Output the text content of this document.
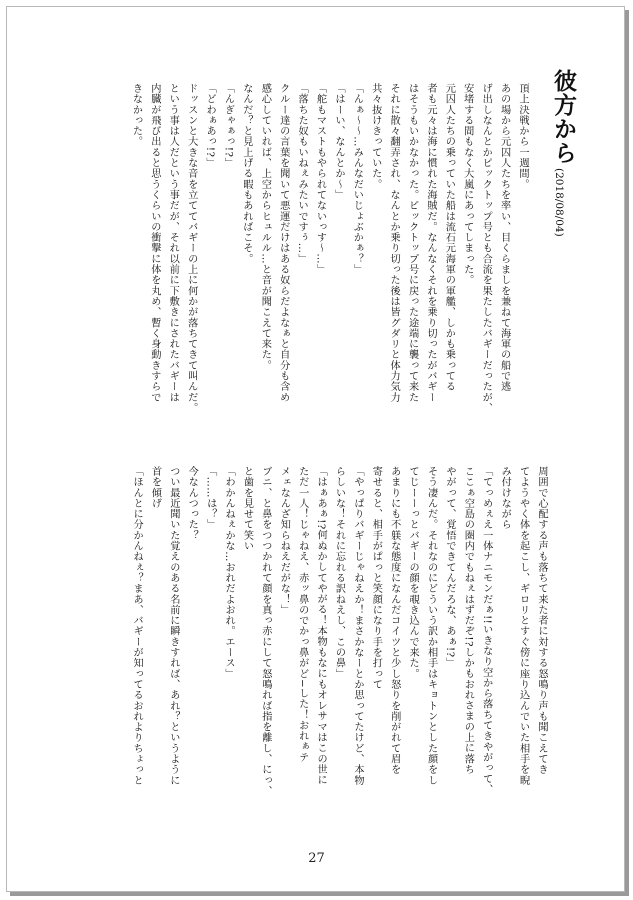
彼方から
(2018/08/04)

頂上決戦から一週間。

あの場から元囚人たちを率い、目くらましを兼ねて海軍の船で逃

げ出しなんとかピックトップ号とも合流を果たしたバギーだったが、

安堵する間もなく大嵐にあってしまった。

元囚人たちの乗っていた船は流石元海軍の軍艦、しかも乗ってる

者も元々は海に慣れた海賊だ。なんなくそれを乗り切ったがバギー

はそうもいかなかった。ピックトップ号に戻った途端に襲って来た

それに散々翻弄され、なんとか乗り切った後は皆グダリと体力気力

共々抜けきっていた。

「んぁ〜〜…みんなだいじょぶかぁ？」

「はーい、なんとか〜」

「舵もマストもやられてないっす〜…」

「落ちた奴もいねぇみたいですぅ…」

クルー達の言葉を聞いて悪運だけはある奴らだよなぁと自分も含め

感心していれば、上空からヒュルル…と音が聞こえて来た。

なんだ？と見上げる暇もあればこそ。

「んぎゃぁっ!?」

「どわぁあっ!?」

ドッスンと大きな音を立ててバギーの上に何かが落ちてきて叫んだ。

という事は人だという事だが、それ以前に下敷きにされたバギーは

内臓が飛び出ると思うくらいの衝撃に体を丸め、暫く身動きすらで

きなかった。

周囲で心配する声も落ちて来た者に対する怒鳴り声も聞こえてき

てようやく体を起こし、ギロリとすぐ傍に座り込んでいた相手を睨

み付けながら

「てっめぇえ一体ナニモンだぁ!!いきなり空から落ちてきやがって、

ここぁ空島の圏内でもねぇはずだぞ!?しかもおれさまの上に落ち

やがって、覚悟できてんだろな、あぁ!?」

そう凄んだ。それなのにどういう訳か相手はキョトンとした顔をし

てじーーっとバギーの顔を覗き込んで来た。

あまりにも不躾な態度になんだコイツと少し怒りを削がれて眉を

寄せると、相手がぱっと笑顔になり手を打って

「やっぱりバギーじゃねえか！まさかなーとか思ってたけど、本物

らしいな！それに忘れる訳ねえし、この鼻」

「はぁあぁ!?何ぬかしてやがる！本物もなにもオレサマはこの世に

ただ一人！じゃねえ、赤ッ鼻のでかっ鼻がど−した！おれぁテ

メェなんざ知らねえだがな！」

ブニ、と鼻をつつかれて顔を真っ赤にして怒鳴れば指を離し、にっ、

と歯を見せて笑い

「わかんねぇかな…おれだよおれ。エース」

「……は？」

今なんつった？

つい最近聞いた覚えのある名前に瞬きすれば、あれ？というように

首を傾げ

「ほんとに分かんねぇ？まあ、バギーが知ってるおれよりちょっと

27
